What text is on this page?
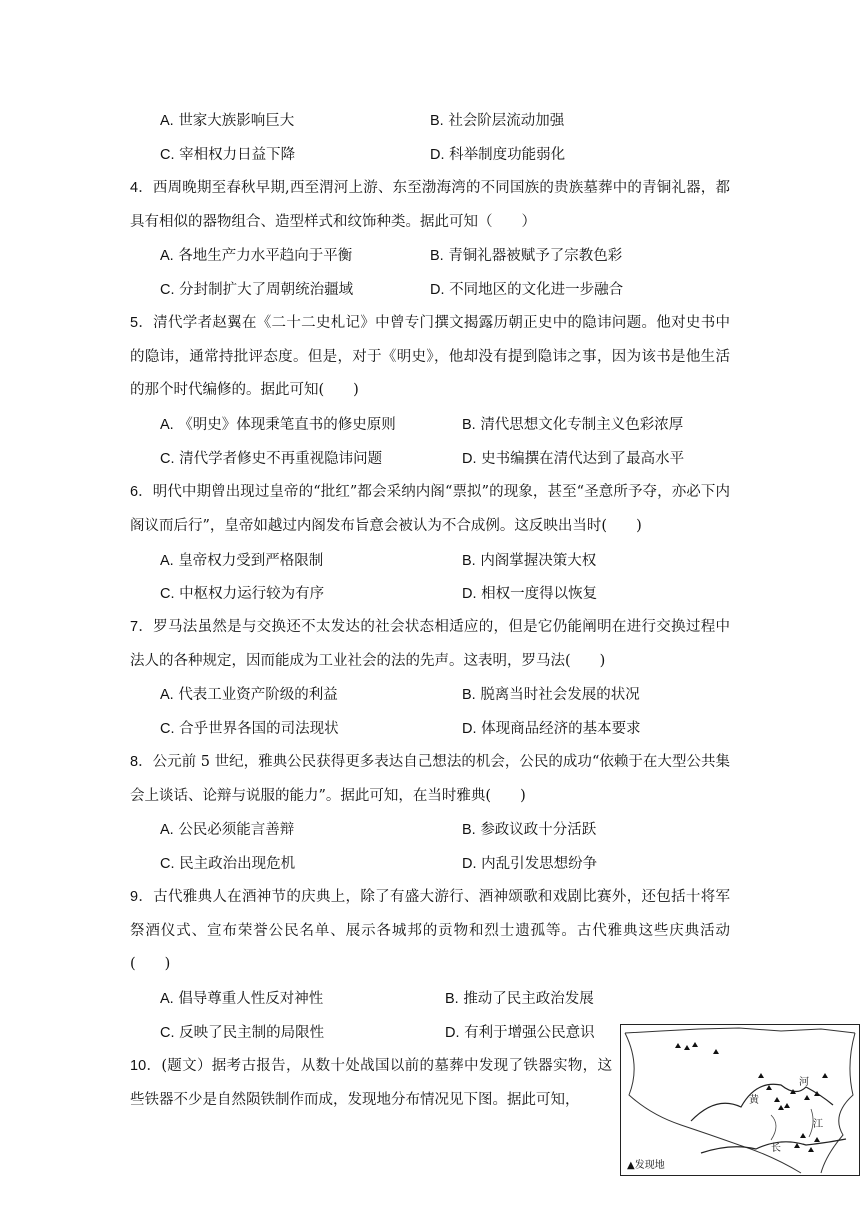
A. 世家大族影响巨大	B. 社会阶层流动加强
C. 宰相权力日益下降	D. 科举制度功能弱化
4．西周晚期至春秋早期,西至渭河上游、东至渤海湾的不同国族的贵族墓葬中的青铜礼器，都具有相似的器物组合、造型样式和纹饰种类。据此可知（　　）
A. 各地生产力水平趋向于平衡	B. 青铜礼器被赋予了宗教色彩
C. 分封制扩大了周朝统治疆域	D. 不同地区的文化进一步融合
5．清代学者赵翼在《二十二史札记》中曾专门撰文揭露历朝正史中的隐讳问题。他对史书中的隐讳，通常持批评态度。但是，对于《明史》，他却没有提到隐讳之事，因为该书是他生活的那个时代编修的。据此可知(　　)
A. 《明史》体现秉笔直书的修史原则	B. 清代思想文化专制主义色彩浓厚
C. 清代学者修史不再重视隐讳问题	D. 史书编撰在清代达到了最高水平
6．明代中期曾出现过皇帝的“批红”都会采纳内阁“票拟”的现象，甚至“圣意所予夺，亦必下内阁议而后行”，皇帝如越过内阁发布旨意会被认为不合成例。这反映出当时(　　)
A. 皇帝权力受到严格限制	B. 内阁掌握决策大权
C. 中枢权力运行较为有序	D. 相权一度得以恢复
7．罗马法虽然是与交换还不太发达的社会状态相适应的，但是它仍能阐明在进行交换过程中法人的各种规定，因而能成为工业社会的法的先声。这表明，罗马法(　　)
A. 代表工业资产阶级的利益	B. 脱离当时社会发展的状况
C. 合乎世界各国的司法现状	D. 体现商品经济的基本要求
8．公元前 5 世纪，雅典公民获得更多表达自己想法的机会，公民的成功“依赖于在大型公共集会上谈话、论辩与说服的能力”。据此可知，在当时雅典(　　)
A. 公民必须能言善辩	B. 参政议政十分活跃
C. 民主政治出现危机	D. 内乱引发思想纷争
9．古代雅典人在酒神节的庆典上，除了有盛大游行、酒神颂歌和戏剧比赛外，还包括十将军祭酒仪式、宣布荣誉公民名单、展示各城邦的贡物和烈士遗孤等。古代雅典这些庆典活动(　　)
A. 倡导尊重人性反对神性	B. 推动了民主政治发展
C. 反映了民主制的局限性	D. 有利于增强公民意识
10．(题文）据考古报告，从数十处战国以前的墓葬中发现了铁器实物，这些铁器不少是自然陨铁制作而成，发现地分布情况见下图。据此可知，	黄
河
长
江
▲发现地
